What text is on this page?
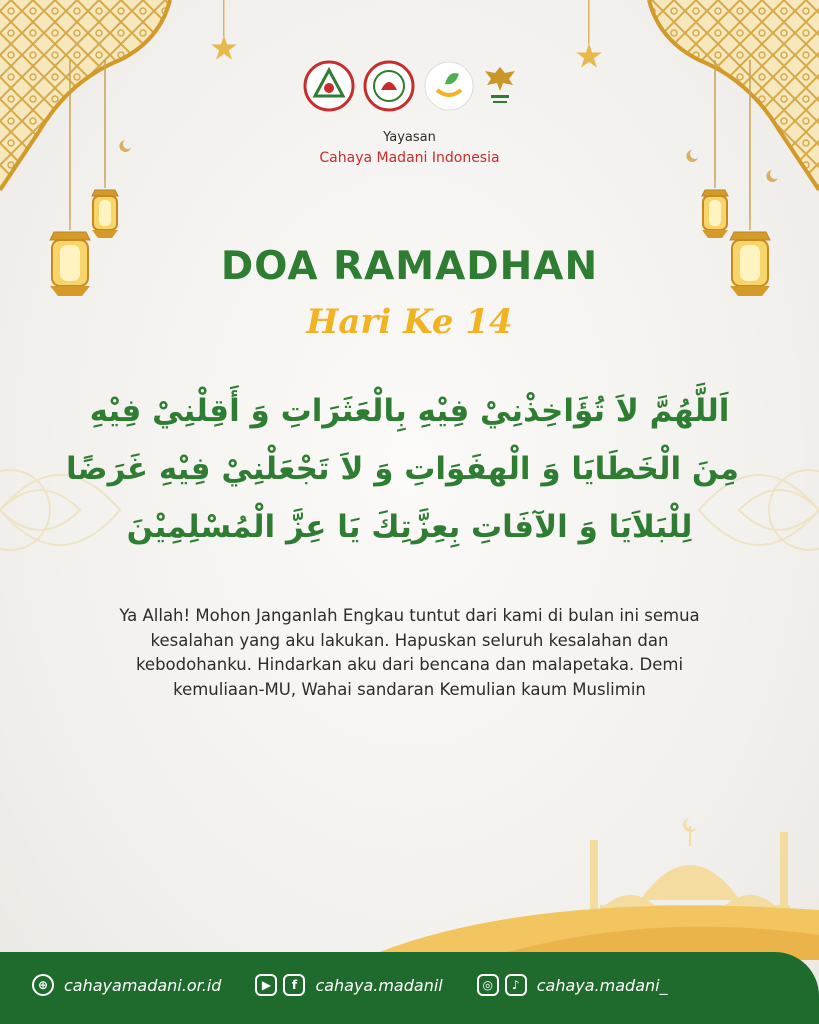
Yayasan
Cahaya Madani Indonesia
DOA RAMADHAN
Hari Ke 14
اَللَّهُمَّ لاَ تُؤَاخِذْنِيْ فِيْهِ بِالْعَثَرَاتِ وَ أَقِلْنِيْ فِيْهِ
مِنَ الْخَطَايَا وَ الْهفَوَاتِ وَ لاَ تَجْعَلْنِيْ فِيْهِ غَرَضًا
لِلْبَلاَيَا وَ الآفَاتِ بِعِزَّتِكَ يَا عِزَّ الْمُسْلِمِيْنَ
Ya Allah! Mohon Janganlah Engkau tuntut dari kami di bulan ini semua kesalahan yang aku lakukan. Hapuskan seluruh kesalahan dan kebodohanku. Hindarkan aku dari bencana dan malapetaka. Demi kemuliaan-MU, Wahai sandaran Kemulian kaum Muslimin
⊕ cahayamadani.or.id	▶	f	cahaya.madanil	◎	♪	cahaya.madani_
